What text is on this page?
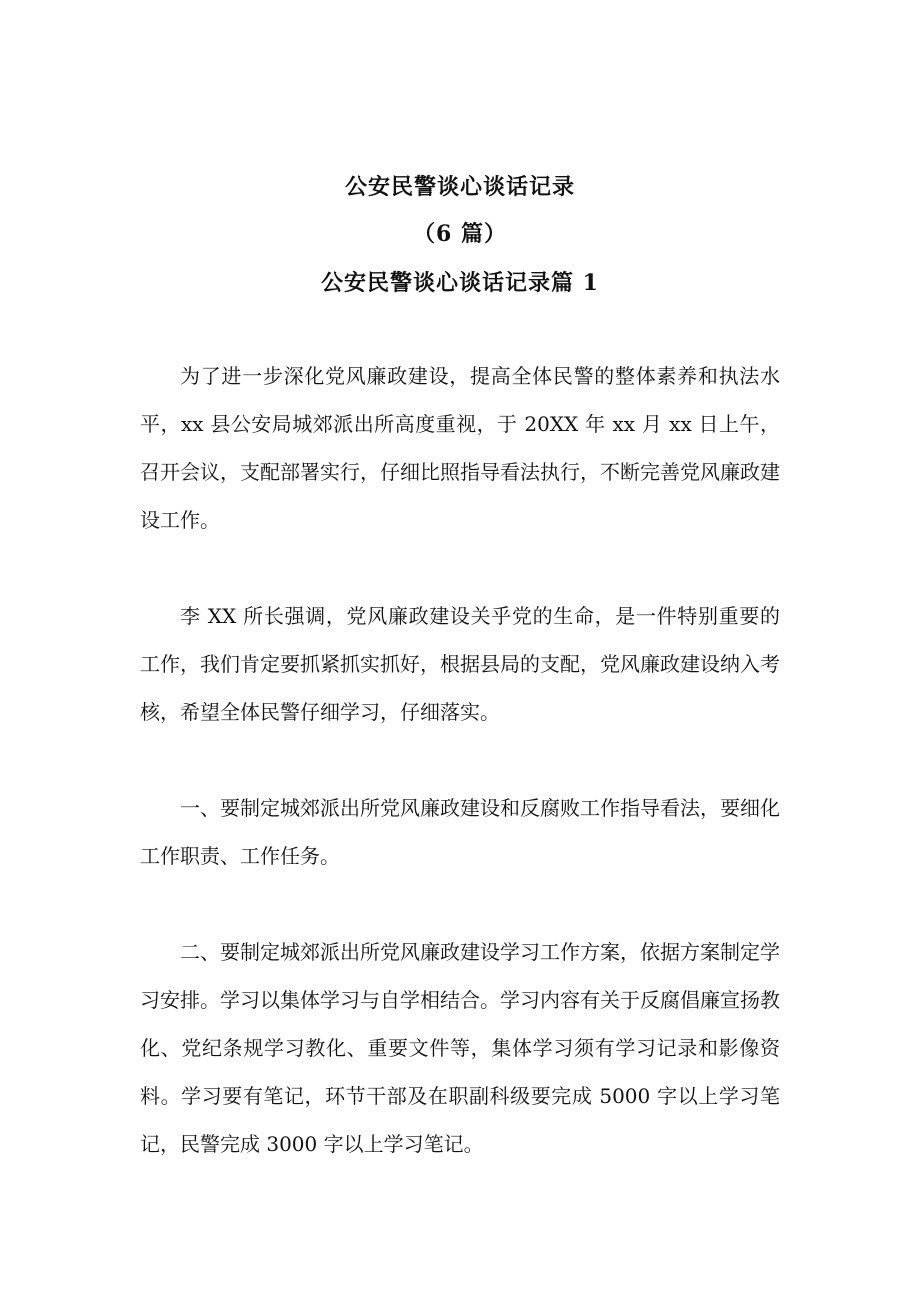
公安民警谈心谈话记录
（6 篇）
公安民警谈心谈话记录篇 1

为了进一步深化党风廉政建设，提高全体民警的整体素养和执法水平，xx 县公安局城郊派出所高度重视，于 20XX 年 xx 月 xx 日上午，召开会议，支配部署实行，仔细比照指导看法执行，不断完善党风廉政建设工作。

李 XX 所长强调，党风廉政建设关乎党的生命，是一件特别重要的工作，我们肯定要抓紧抓实抓好，根据县局的支配，党风廉政建设纳入考核，希望全体民警仔细学习，仔细落实。

一、要制定城郊派出所党风廉政建设和反腐败工作指导看法，要细化工作职责、工作任务。

二、要制定城郊派出所党风廉政建设学习工作方案，依据方案制定学习安排。学习以集体学习与自学相结合。学习内容有关于反腐倡廉宣扬教化、党纪条规学习教化、重要文件等，集体学习须有学习记录和影像资料。学习要有笔记，环节干部及在职副科级要完成 5000 字以上学习笔记，民警完成 3000 字以上学习笔记。
